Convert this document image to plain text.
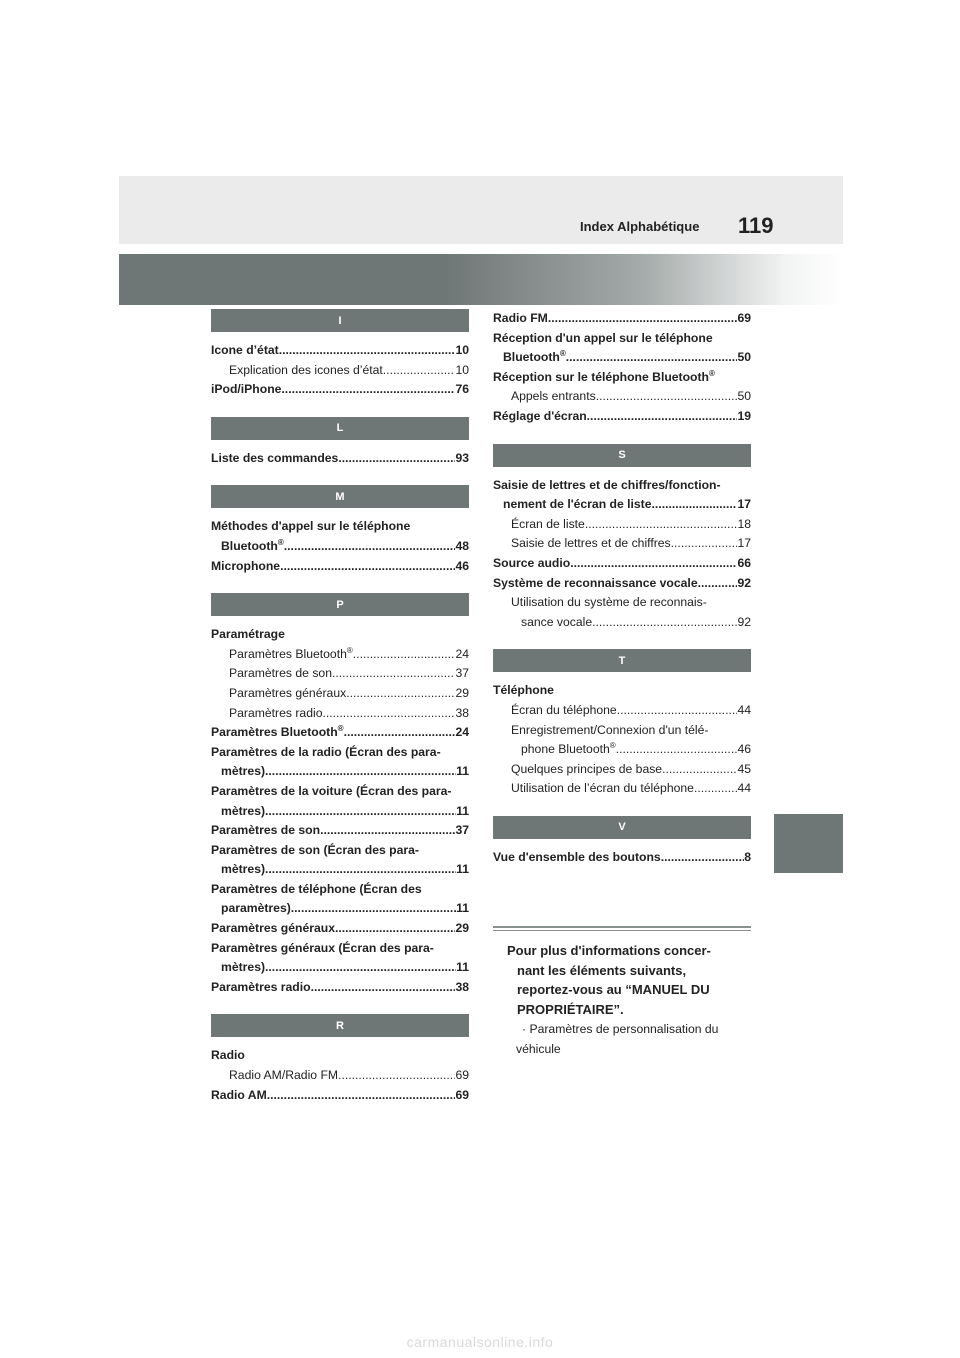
Index Alphabétique 119
I
Icone d’état .....	10
Explication des icones d’état .....	10
iPod/iPhone .....	76
L
Liste des commandes .....	93
M
Méthodes d'appel sur le téléphone
Bluetooth® .....	48
Microphone .....	46
P
Paramétrage
Paramètres Bluetooth® .....	24
Paramètres de son .....	37
Paramètres généraux .....	29
Paramètres radio .....	38
Paramètres Bluetooth® .....	24
Paramètres de la radio (Écran des para-
mètres) .....	11
Paramètres de la voiture (Écran des para-
mètres) .....	11
Paramètres de son .....	37
Paramètres de son (Écran des para-
mètres) .....	11
Paramètres de téléphone (Écran des
paramètres) .....	11
Paramètres généraux .....	29
Paramètres généraux (Écran des para-
mètres) .....	11
Paramètres radio .....	38
R
Radio
Radio AM/Radio FM .....	69
Radio AM .....	69
Radio FM .....	69
Réception d'un appel sur le téléphone
Bluetooth® .....	50
Réception sur le téléphone Bluetooth®
Appels entrants .....	50
Réglage d'écran .....	19
S
Saisie de lettres et de chiffres/fonction-
nement de l'écran de liste .....	17
Écran de liste .....	18
Saisie de lettres et de chiffres .....	17
Source audio .....	66
Système de reconnaissance vocale .....	92
Utilisation du système de reconnais-
sance vocale .....	92
T
Téléphone
Écran du téléphone .....	44
Enregistrement/Connexion d'un télé-
phone Bluetooth® .....	46
Quelques principes de base .....	45
Utilisation de l’écran du téléphone .....	44
V
Vue d'ensemble des boutons .....	8
Pour plus d'informations concer-
nant les éléments suivants,
reportez-vous au “MANUEL DU
PROPRIÉTAIRE”.
· Paramètres de personnalisation du
véhicule
carmanualsonline.info
